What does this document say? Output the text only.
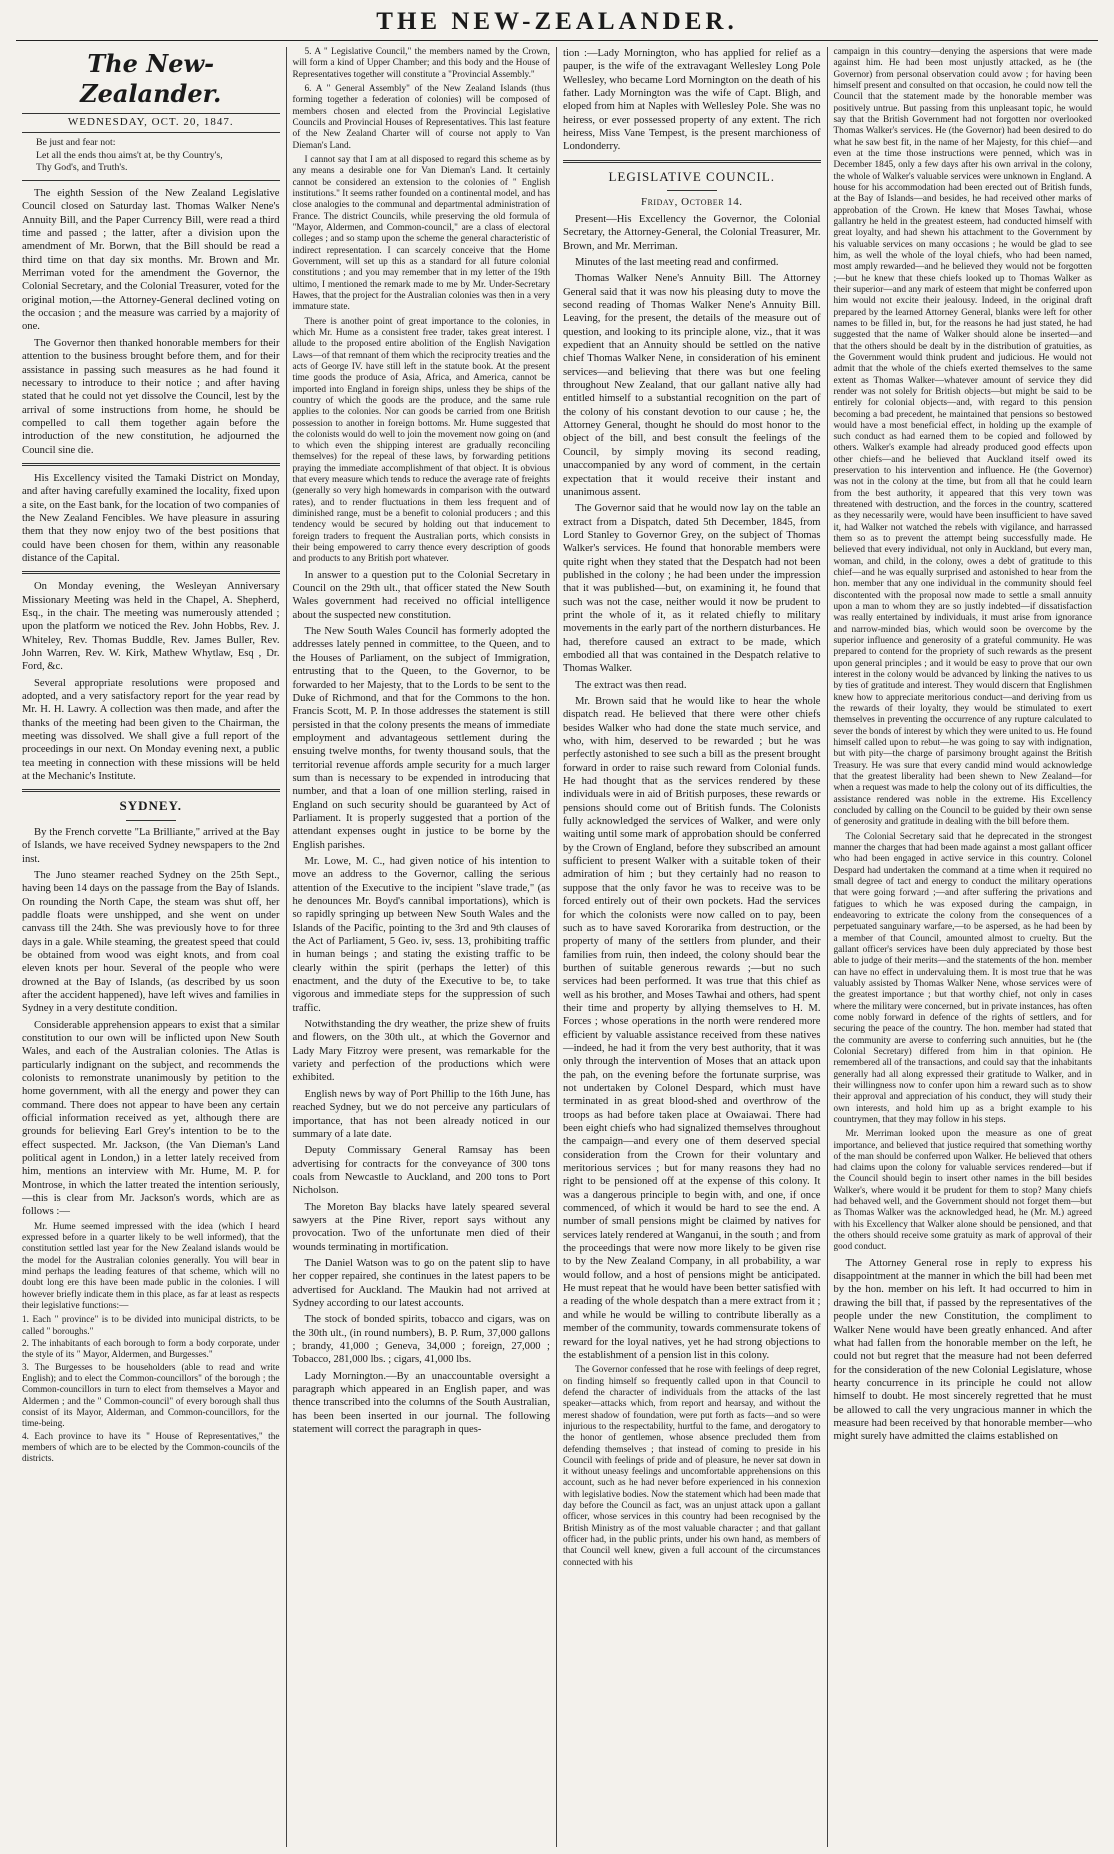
THE NEW-ZEALANDER.
The New-Zealander.
WEDNESDAY, OCT. 20, 1847.
Be just and fear not:
Let all the ends thou aims't at, be thy Country's,
Thy God's, and Truth's.

The eighth Session of the New Zealand Legislative Council closed on Saturday last. Thomas Walker Nene's Annuity Bill, and the Paper Currency Bill, were read a third time and passed ; the latter, after a division upon the amendment of Mr. Borwn, that the Bill should be read a third time on that day six months. Mr. Brown and Mr. Merriman voted for the amendment the Governor, the Colonial Secretary, and the Colonial Treasurer, voted for the original motion,—the Attorney-General declined voting on the occasion ; and the measure was carried by a majority of one.

The Governor then thanked honorable members for their attention to the business brought before them, and for their assistance in passing such measures as he had found it necessary to introduce to their notice ; and after having stated that he could not yet dissolve the Council, lest by the arrival of some instructions from home, he should be compelled to call them together again before the introduction of the new constitution, he adjourned the Council sine die.

His Excellency visited the Tamaki District on Monday, and after having carefully examined the locality, fixed upon a site, on the East bank, for the location of two companies of the New Zealand Fencibles. We have pleasure in assuring them that they now enjoy two of the best positions that could have been chosen for them, within any reasonable distance of the Capital.

On Monday evening, the Wesleyan Anniversary Missionary Meeting was held in the Chapel, A. Shepherd, Esq., in the chair. The meeting was numerously attended ; upon the platform we noticed the Rev. John Hobbs, Rev. J. Whiteley, Rev. Thomas Buddle, Rev. James Buller, Rev. John Warren, Rev. W. Kirk, Mathew Whytlaw, Esq , Dr. Ford, &c.

Several appropriate resolutions were proposed and adopted, and a very satisfactory report for the year read by Mr. H. H. Lawry. A collection was then made, and after the thanks of the meeting had been given to the Chairman, the meeting was dissolved. We shall give a full report of the proceedings in our next. On Monday evening next, a public tea meeting in connection with these missions will be held at the Mechanic's Institute.

SYDNEY.

By the French corvette "La Brilliante," arrived at the Bay of Islands, we have received Sydney newspapers to the 2nd inst.

The Juno steamer reached Sydney on the 25th Sept., having been 14 days on the passage from the Bay of Islands. On rounding the North Cape, the steam was shut off, her paddle floats were unshipped, and she went on under canvass till the 24th. She was previously hove to for three days in a gale. While steaming, the greatest speed that could be obtained from wood was eight knots, and from coal eleven knots per hour. Several of the people who were drowned at the Bay of Islands, (as described by us soon after the accident happened), have left wives and families in Sydney in a very destitute condition.

Considerable apprehension appears to exist that a similar constitution to our own will be inflicted upon New South Wales, and each of the Australian colonies. The Atlas is particularly indignant on the subject, and recommends the colonists to remonstrate unanimously by petition to the home government, with all the energy and power they can command. There does not appear to have been any certain official information received as yet, although there are grounds for believing Earl Grey's intention to be to the effect suspected. Mr. Jackson, (the Van Dieman's Land political agent in London,) in a letter lately received from him, mentions an interview with Mr. Hume, M. P. for Montrose, in which the latter treated the intention seriously,—this is clear from Mr. Jackson's words, which are as follows :—

Mr. Hume seemed impressed with the idea (which I heard expressed before in a quarter likely to be well informed), that the constitution settled last year for the New Zealand islands would be the model for the Australian colonies generally. You will bear in mind perhaps the leading features of that scheme, which will no doubt long ere this have been made public in the colonies. I will however briefly indicate them in this place, as far at least as respects their legislative functions:—

1. Each " province" is to be divided into municipal districts, to be called " boroughs."
2. The inhabitants of each borough to form a body corporate, under the style of its " Mayor, Aldermen, and Burgesses."
3. The Burgesses to be householders (able to read and write English); and to elect the Common-councillors" of the borough ; the Common-councillors in turn to elect from themselves a Mayor and Aldermen ; and the " Common-council" of every borough shall thus consist of its Mayor, Alderman, and Common-councillors, for the time-being.
4. Each province to have its " House of Representatives," the members of which are to be elected by the Common-councils of the districts.

5. A " Legislative Council," the members named by the Crown, will form a kind of Upper Chamber; and this body and the House of Representatives together will constitute a "Provincial Assembly."

6. A " General Assembly" of the New Zealand Islands (thus forming together a federation of colonies) will be composed of members chosen and elected from the Provincial Legislative Councils and Provincial Houses of Representatives. This last feature of the New Zealand Charter will of course not apply to Van Dieman's Land.

I cannot say that I am at all disposed to regard this scheme as by any means a desirable one for Van Dieman's Land. It certainly cannot be considered an extension to the colonies of " English institutions." It seems rather founded on a continental model, and has close analogies to the communal and departmental administration of France. The district Councils, while preserving the old formula of "Mayor, Aldermen, and Common-council," are a class of electoral colleges ; and so stamp upon the scheme the general characteristic of indirect representation. I can scarcely conceive that the Home Government, will set up this as a standard for all future colonial constitutions ; and you may remember that in my letter of the 19th ultimo, I mentioned the remark made to me by Mr. Under-Secretary Hawes, that the project for the Australian colonies was then in a very immature state.

There is another point of great importance to the colonies, in which Mr. Hume as a consistent free trader, takes great interest. I allude to the proposed entire abolition of the English Navigation Laws—of that remnant of them which the reciprocity treaties and the acts of George IV. have still left in the statute book. At the present time goods the produce of Asia, Africa, and America, cannot be imported into England in foreign ships, unless they be ships of the country of which the goods are the produce, and the same rule applies to the colonies. Nor can goods be carried from one British possession to another in foreign bottoms. Mr. Hume suggested that the colonists would do well to join the movement now going on (and to which even the shipping interest are gradually reconciling themselves) for the repeal of these laws, by forwarding petitions praying the immediate accomplishment of that object. It is obvious that every measure which tends to reduce the average rate of freights (generally so very high homewards in comparison with the outward rates), and to render fluctuations in them less frequent and of diminished range, must be a benefit to colonial producers ; and this tendency would be secured by holding out that inducement to foreign traders to frequent the Australian ports, which consists in their being empowered to carry thence every description of goods and products to any British port whatever.

In answer to a question put to the Colonial Secretary in Council on the 29th ult., that officer stated the New South Wales government had received no official intelligence about the suspected new constitution.

The New South Wales Council has formerly adopted the addresses lately penned in committee, to the Queen, and to the Houses of Parliament, on the subject of Immigration, entrusting that to the Queen, to the Governor, to be forwarded to her Majesty, that to the Lords to be sent to the Duke of Richmond, and that for the Commons to the hon. Francis Scott, M. P. In those addresses the statement is still persisted in that the colony presents the means of immediate employment and advantageous settlement during the ensuing twelve months, for twenty thousand souls, that the territorial revenue affords ample security for a much larger sum than is necessary to be expended in introducing that number, and that a loan of one million sterling, raised in England on such security should be guaranteed by Act of Parliament. It is properly suggested that a portion of the attendant expenses ought in justice to be borne by the English parishes.

Mr. Lowe, M. C., had given notice of his intention to move an address to the Governor, calling the serious attention of the Executive to the incipient "slave trade," (as he denounces Mr. Boyd's cannibal importations), which is so rapidly springing up between New South Wales and the Islands of the Pacific, pointing to the 3rd and 9th clauses of the Act of Parliament, 5 Geo. iv, sess. 13, prohibiting traffic in human beings ; and stating the existing traffic to be clearly within the spirit (perhaps the letter) of this enactment, and the duty of the Executive to be, to take vigorous and immediate steps for the suppression of such traffic.

Notwithstanding the dry weather, the prize shew of fruits and flowers, on the 30th ult., at which the Governor and Lady Mary Fitzroy were present, was remarkable for the variety and perfection of the productions which were exhibited.

English news by way of Port Phillip to the 16th June, has reached Sydney, but we do not perceive any particulars of importance, that has not been already noticed in our summary of a late date.

Deputy Commissary General Ramsay has been advertising for contracts for the conveyance of 300 tons coals from Newcastle to Auckland, and 200 tons to Port Nicholson.

The Moreton Bay blacks have lately speared several sawyers at the Pine River, report says without any provocation. Two of the unfortunate men died of their wounds terminating in mortification.

The Daniel Watson was to go on the patent slip to have her copper repaired, she continues in the latest papers to be advertised for Auckland. The Maukin had not arrived at Sydney according to our latest accounts.

The stock of bonded spirits, tobacco and cigars, was on the 30th ult., (in round numbers), B. P. Rum, 37,000 gallons ; brandy, 41,000 ; Geneva, 34,000 ; foreign, 27,000 ; Tobacco, 281,000 lbs. ; cigars, 41,000 lbs.

Lady Mornington.—By an unaccountable oversight a paragraph which appeared in an English paper, and was thence transcribed into the columns of the South Australian, has been been inserted in our journal. The following statement will correct the paragraph in ques-

tion :—Lady Mornington, who has applied for relief as a pauper, is the wife of the extravagant Wellesley Long Pole Wellesley, who became Lord Mornington on the death of his father. Lady Mornington was the wife of Capt. Bligh, and eloped from him at Naples with Wellesley Pole. She was no heiress, or ever possessed property of any extent. The rich heiress, Miss Vane Tempest, is the present marchioness of Londonderry.

LEGISLATIVE COUNCIL.
Friday, October 14.

Present—His Excellency the Governor, the Colonial Secretary, the Attorney-General, the Colonial Treasurer, Mr. Brown, and Mr. Merriman.

Minutes of the last meeting read and confirmed.

Thomas Walker Nene's Annuity Bill. The Attorney General said that it was now his pleasing duty to move the second reading of Thomas Walker Nene's Annuity Bill. Leaving, for the present, the details of the measure out of question, and looking to its principle alone, viz., that it was expedient that an Annuity should be settled on the native chief Thomas Walker Nene, in consideration of his eminent services—and believing that there was but one feeling throughout New Zealand, that our gallant native ally had entitled himself to a substantial recognition on the part of the colony of his constant devotion to our cause ; he, the Attorney General, thought he should do most honor to the object of the bill, and best consult the feelings of the Council, by simply moving its second reading, unaccompanied by any word of comment, in the certain expectation that it would receive their instant and unanimous assent.

The Governor said that he would now lay on the table an extract from a Dispatch, dated 5th December, 1845, from Lord Stanley to Governor Grey, on the subject of Thomas Walker's services. He found that honorable members were quite right when they stated that the Despatch had not been published in the colony ; he had been under the impression that it was published—but, on examining it, he found that such was not the case, neither would it now be prudent to print the whole of it, as it related chiefly to military movements in the early part of the northern disturbances. He had, therefore caused an extract to be made, which embodied all that was contained in the Despatch relative to Thomas Walker.

The extract was then read.

Mr. Brown said that he would like to hear the whole dispatch read. He believed that there were other chiefs besides Walker who had done the state much service, and who, with him, deserved to be rewarded ; but he was perfectly astonished to see such a bill as the present brought forward in order to raise such reward from Colonial funds. He had thought that as the services rendered by these individuals were in aid of British purposes, these rewards or pensions should come out of British funds. The Colonists fully acknowledged the services of Walker, and were only waiting until some mark of approbation should be conferred by the Crown of England, before they subscribed an amount sufficient to present Walker with a suitable token of their admiration of him ; but they certainly had no reason to suppose that the only favor he was to receive was to be forced entirely out of their own pockets. Had the services for which the colonists were now called on to pay, been such as to have saved Kororarika from destruction, or the property of many of the settlers from plunder, and their families from ruin, then indeed, the colony should bear the burthen of suitable generous rewards ;—but no such services had been performed. It was true that this chief as well as his brother, and Moses Tawhai and others, had spent their time and property by allying themselves to H. M. Forces ; whose operations in the north were rendered more efficient by valuable assistance received from these natives—indeed, he had it from the very best authority, that it was only through the intervention of Moses that an attack upon the pah, on the evening before the fortunate surprise, was not undertaken by Colonel Despard, which must have terminated in as great blood-shed and overthrow of the troops as had before taken place at Owaiawai. There had been eight chiefs who had signalized themselves throughout the campaign—and every one of them deserved special consideration from the Crown for their voluntary and meritorious services ; but for many reasons they had no right to be pensioned off at the expense of this colony. It was a dangerous principle to begin with, and one, if once commenced, of which it would be hard to see the end. A number of small pensions might be claimed by natives for services lately rendered at Wanganui, in the south ; and from the proceedings that were now more likely to be given rise to by the New Zealand Company, in all probability, a war would follow, and a host of pensions might be anticipated. He must repeat that he would have been better satisfied with a reading of the whole despatch than a mere extract from it ; and while he would be willing to contribute liberally as a member of the community, towards commensurate tokens of reward for the loyal natives, yet he had strong objections to the establishment of a pension list in this colony.

The Governor confessed that he rose with feelings of deep regret, on finding himself so frequently called upon in that Council to defend the character of individuals from the attacks of the last speaker—attacks which, from report and hearsay, and without the merest shadow of foundation, were put forth as facts—and so were injurious to the respectability, hurtful to the fame, and derogatory to the honor of gentlemen, whose absence precluded them from defending themselves ; that instead of coming to preside in his Council with feelings of pride and of pleasure, he never sat down in it without uneasy feelings and uncomfortable apprehensions on this account, such as he had never before experienced in his connexion with legislative bodies. Now the statement which had been made that day before the Council as fact, was an unjust attack upon a gallant officer, whose services in this country had been recognised by the British Ministry as of the most valuable character ; and that gallant officer had, in the public prints, under his own hand, as members of that Council well knew, given a full account of the circumstances connected with his

campaign in this country—denying the aspersions that were made against him. He had been most unjustly attacked, as he (the Governor) from personal observation could avow ; for having been himself present and consulted on that occasion, he could now tell the Council that the statement made by the honorable member was positively untrue. But passing from this unpleasant topic, he would say that the British Government had not forgotten nor overlooked Thomas Walker's services. He (the Governor) had been desired to do what he saw best fit, in the name of her Majesty, for this chief—and even at the time those instructions were penned, which was in December 1845, only a few days after his own arrival in the colony, the whole of Walker's valuable services were unknown in England. A house for his accommodation had been erected out of British funds, at the Bay of Islands—and besides, he had received other marks of approbation of the Crown. He knew that Moses Tawhai, whose gallantry he held in the greatest esteem, had conducted himself with great loyalty, and had shewn his attachment to the Government by his valuable services on many occasions ; he would be glad to see him, as well the whole of the loyal chiefs, who had been named, most amply rewarded—and he believed they would not be forgotten ;—but he knew that these chiefs looked up to Thomas Walker as their superior—and any mark of esteem that might be conferred upon him would not excite their jealousy. Indeed, in the original draft prepared by the learned Attorney General, blanks were left for other names to be filled in, but, for the reasons he had just stated, he had suggested that the name of Walker should alone be inserted—and that the others should be dealt by in the distribution of gratuities, as the Government would think prudent and judicious. He would not admit that the whole of the chiefs exerted themselves to the same extent as Thomas Walker—whatever amount of service they did render was not solely for British objects—but might be said to be entirely for colonial objects—and, with regard to this pension becoming a bad precedent, he maintained that pensions so bestowed would have a most beneficial effect, in holding up the example of such conduct as had earned them to be copied and followed by others. Walker's example had already produced good effects upon other chiefs—and he believed that Auckland itself owed its preservation to his intervention and influence. He (the Governor) was not in the colony at the time, but from all that he could learn from the best authority, it appeared that this very town was threatened with destruction, and the forces in the country, scattered as they necessarily were, would have been insufficient to have saved it, had Walker not watched the rebels with vigilance, and harrassed them so as to prevent the attempt being successfully made. He believed that every individual, not only in Auckland, but every man, woman, and child, in the colony, owes a debt of gratitude to this chief—and he was equally surprised and astonished to hear from the hon. member that any one individual in the community should feel discontented with the proposal now made to settle a small annuity upon a man to whom they are so justly indebted—if dissatisfaction was really entertained by individuals, it must arise from ignorance and narrow-minded bias, which would soon be overcome by the superior influence and generosity of a grateful community. He was prepared to contend for the propriety of such rewards as the present upon general principles ; and it would be easy to prove that our own interest in the colony would be advanced by linking the natives to us by ties of gratitude and interest. They would discern that Englishmen knew how to appreciate meritorious conduct—and deriving from us the rewards of their loyalty, they would be stimulated to exert themselves in preventing the occurrence of any rupture calculated to sever the bonds of interest by which they were united to us. He found himself called upon to rebut—he was going to say with indignation, but with pity—the charge of parsimony brought against the British Treasury. He was sure that every candid mind would acknowledge that the greatest liberality had been shewn to New Zealand—for when a request was made to help the colony out of its difficulties, the assistance rendered was noble in the extreme. His Excellency concluded by calling on the Council to be guided by their own sense of generosity and gratitude in dealing with the bill before them.

The Colonial Secretary said that he deprecated in the strongest manner the charges that had been made against a most gallant officer who had been engaged in active service in this country. Colonel Despard had undertaken the command at a time when it required no small degree of tact and energy to conduct the military operations that were going forward ;—and after suffering the privations and fatigues to which he was exposed during the campaign, in endeavoring to extricate the colony from the consequences of a perpetuated sanguinary warfare,—to be aspersed, as he had been by a member of that Council, amounted almost to cruelty. But the gallant officer's services have been duly appreciated by those best able to judge of their merits—and the statements of the hon. member can have no effect in undervaluing them. It is most true that he was valuably assisted by Thomas Walker Nene, whose services were of the greatest importance ; but that worthy chief, not only in cases where the military were concerned, but in private instances, has often come nobly forward in defence of the rights of settlers, and for securing the peace of the country. The hon. member had stated that the community are averse to conferring such annuities, but he (the Colonial Secretary) differed from him in that opinion. He remembered all of the transactions, and could say that the inhabitants generally had all along expressed their gratitude to Walker, and in their willingness now to confer upon him a reward such as to show their approval and appreciation of his conduct, they will study their own interests, and hold him up as a bright example to his countrymen, that they may follow in his steps.

Mr. Merriman looked upon the measure as one of great importance, and believed that justice required that something worthy of the man should be conferred upon Walker. He believed that others had claims upon the colony for valuable services rendered—but if the Council should begin to insert other names in the bill besides Walker's, where would it be prudent for them to stop? Many chiefs had behaved well, and the Government should not forget them—but as Thomas Walker was the acknowledged head, he (Mr. M.) agreed with his Excellency that Walker alone should be pensioned, and that the others should receive some gratuity as mark of approval of their good conduct.

The Attorney General rose in reply to express his disappointment at the manner in which the bill had been met by the hon. member on his left. It had occurred to him in drawing the bill that, if passed by the representatives of the people under the new Constitution, the compliment to Walker Nene would have been greatly enhanced. And after what had fallen from the honorable member on the left, he could not but regret that the measure had not been deferred for the consideration of the new Colonial Legislature, whose hearty concurrence in its principle he could not allow himself to doubt. He most sincerely regretted that he must be allowed to call the very ungracious manner in which the measure had been received by that honorable member—who might surely have admitted the claims established on
